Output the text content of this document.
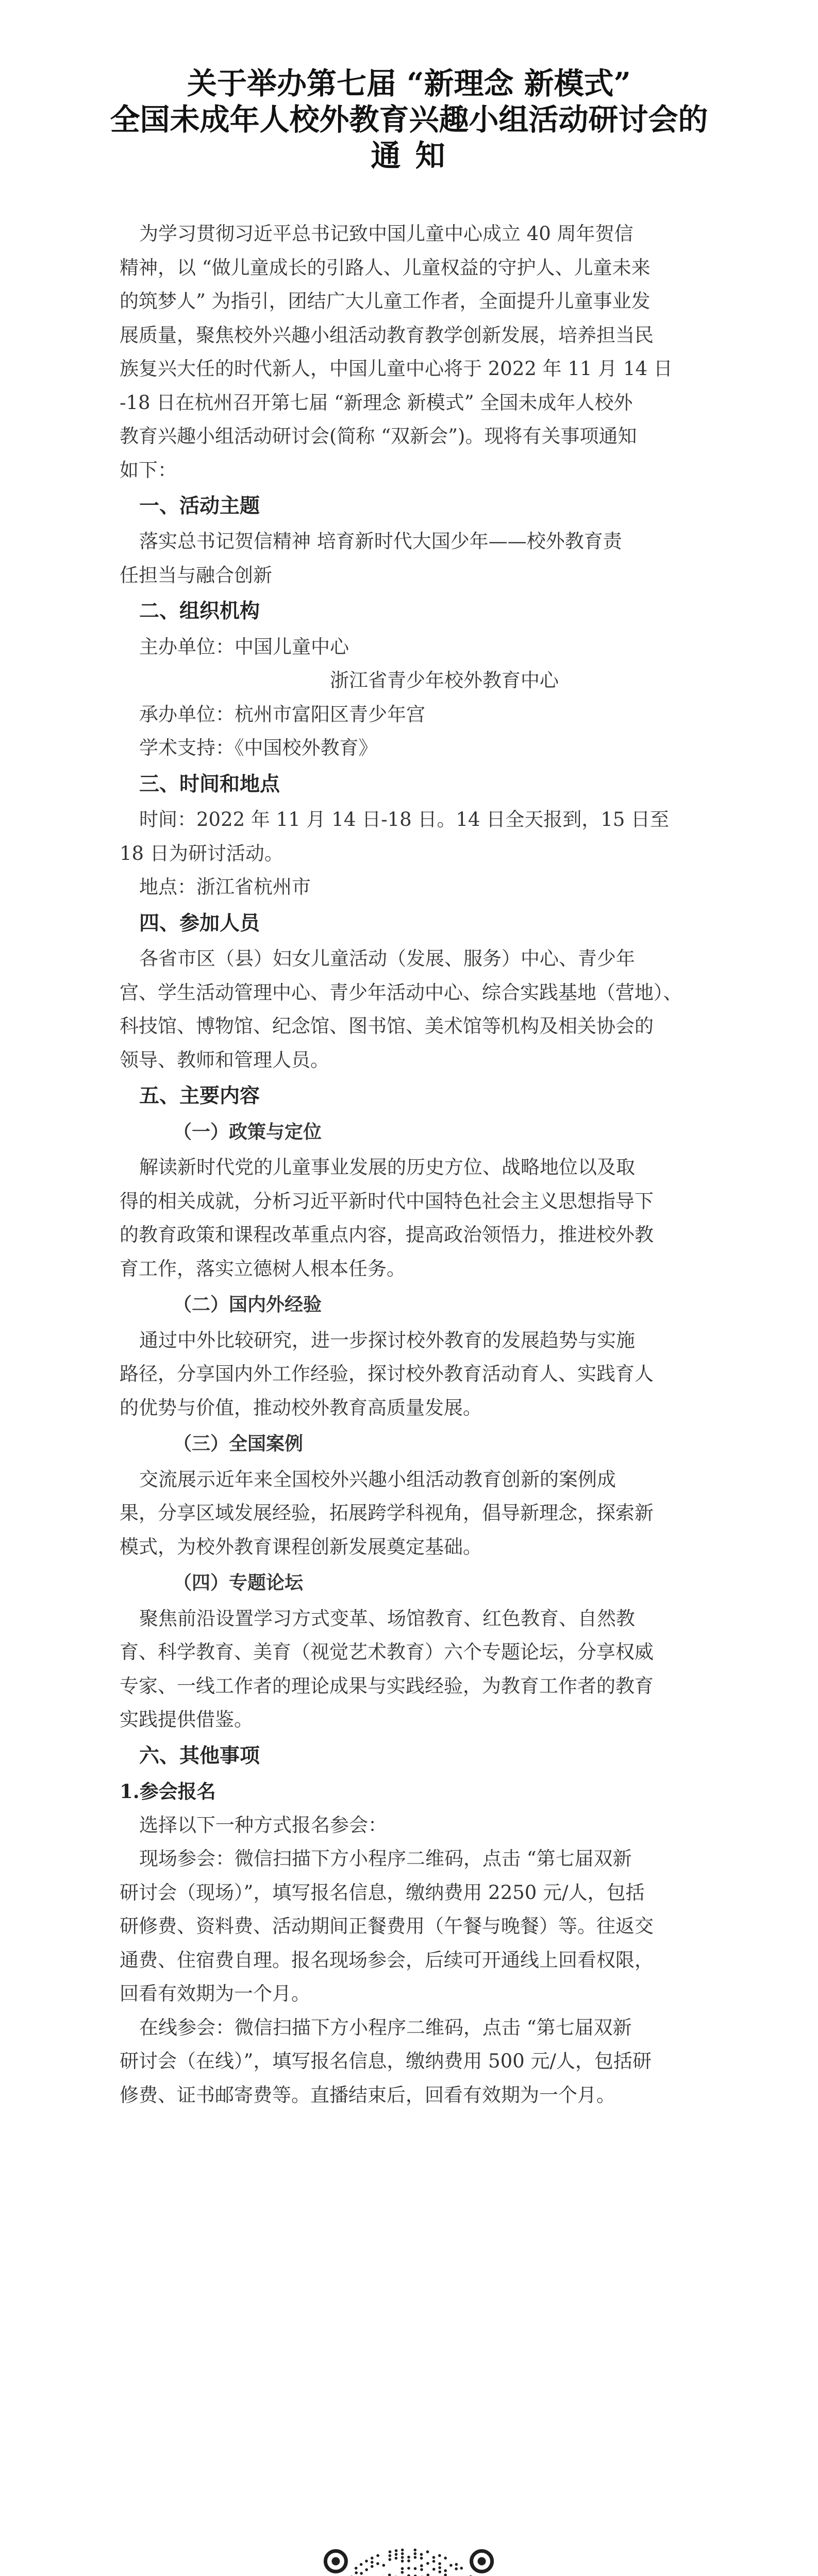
关于举办第七届 “新理念 新模式”
全国未成年人校外教育兴趣小组活动研讨会的
通 知
为学习贯彻习近平总书记致中国儿童中心成立 40 周年贺信
精神，以 “做儿童成长的引路人、儿童权益的守护人、儿童未来
的筑梦人” 为指引，团结广大儿童工作者，全面提升儿童事业发
展质量，聚焦校外兴趣小组活动教育教学创新发展，培养担当民
族复兴大任的时代新人，中国儿童中心将于 2022 年 11 月 14 日
-18 日在杭州召开第七届 “新理念 新模式” 全国未成年人校外
教育兴趣小组活动研讨会(简称 “双新会”)。现将有关事项通知
如下：
一、活动主题
落实总书记贺信精神 培育新时代大国少年——校外教育责
任担当与融合创新
二、组织机构
主办单位：中国儿童中心
浙江省青少年校外教育中心
承办单位：杭州市富阳区青少年宫
学术支持：《中国校外教育》
三、时间和地点
时间：2022 年 11 月 14 日-18 日。14 日全天报到，15 日至
18 日为研讨活动。
地点：浙江省杭州市
四、参加人员
各省市区（县）妇女儿童活动（发展、服务）中心、青少年
宫、学生活动管理中心、青少年活动中心、综合实践基地（营地）、
科技馆、博物馆、纪念馆、图书馆、美术馆等机构及相关协会的
领导、教师和管理人员。
五、主要内容
（一）政策与定位
解读新时代党的儿童事业发展的历史方位、战略地位以及取
得的相关成就，分析习近平新时代中国特色社会主义思想指导下
的教育政策和课程改革重点内容，提高政治领悟力，推进校外教
育工作，落实立德树人根本任务。
（二）国内外经验
通过中外比较研究，进一步探讨校外教育的发展趋势与实施
路径，分享国内外工作经验，探讨校外教育活动育人、实践育人
的优势与价值，推动校外教育高质量发展。
（三）全国案例
交流展示近年来全国校外兴趣小组活动教育创新的案例成
果，分享区域发展经验，拓展跨学科视角，倡导新理念，探索新
模式，为校外教育课程创新发展奠定基础。
（四）专题论坛
聚焦前沿设置学习方式变革、场馆教育、红色教育、自然教
育、科学教育、美育（视觉艺术教育）六个专题论坛，分享权威
专家、一线工作者的理论成果与实践经验，为教育工作者的教育
实践提供借鉴。
六、其他事项
1.参会报名
选择以下一种方式报名参会：
现场参会：微信扫描下方小程序二维码，点击 “第七届双新
研讨会（现场）”，填写报名信息，缴纳费用 2250 元/人，包括
研修费、资料费、活动期间正餐费用（午餐与晚餐）等。往返交
通费、住宿费自理。报名现场参会，后续可开通线上回看权限，
回看有效期为一个月。
在线参会：微信扫描下方小程序二维码，点击 “第七届双新
研讨会（在线）”，填写报名信息，缴纳费用 500 元/人，包括研
修费、证书邮寄费等。直播结束后，回看有效期为一个月。
